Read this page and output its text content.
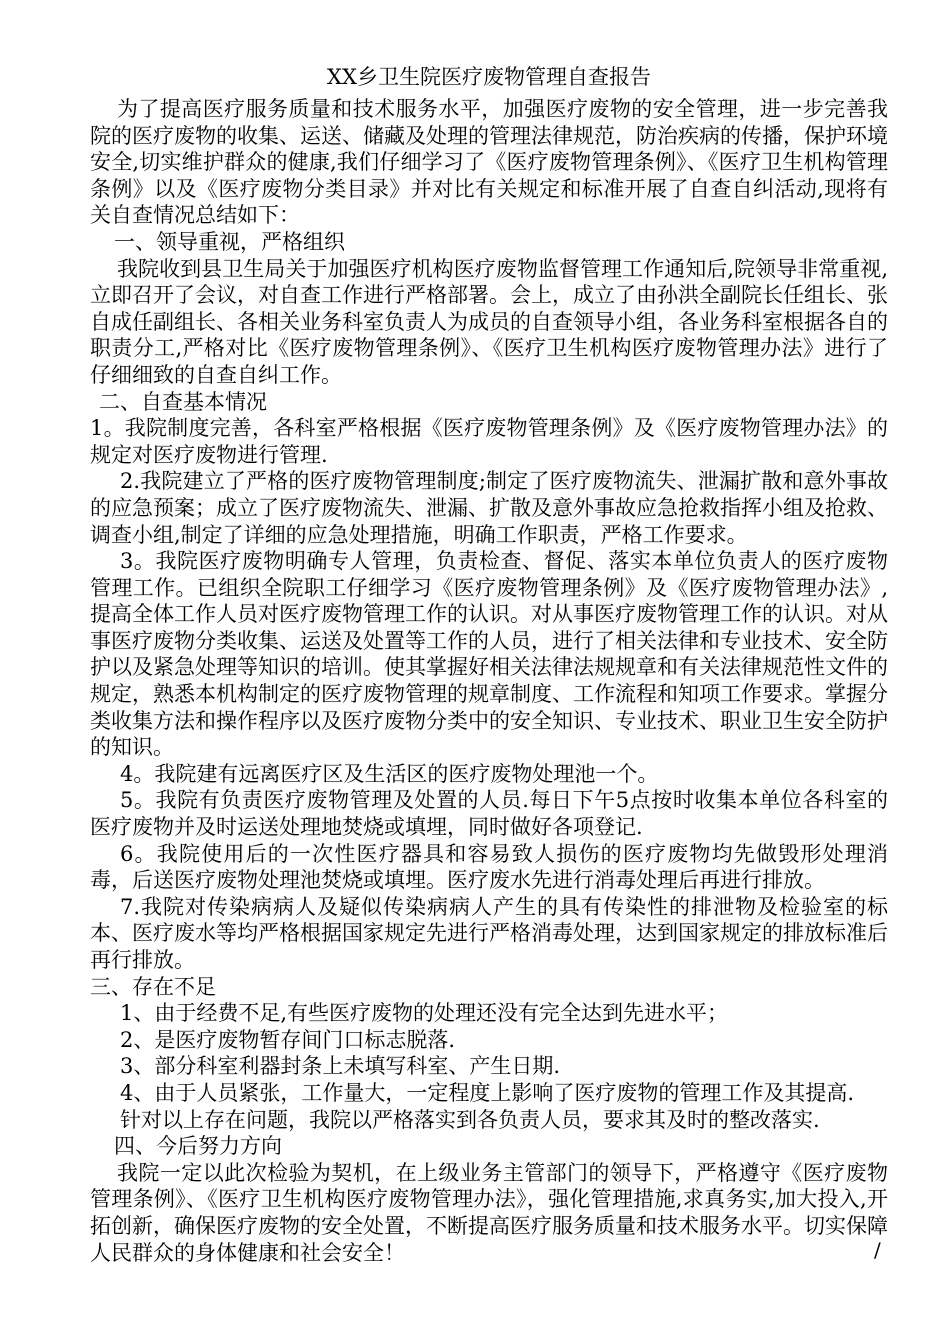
XX乡卫生院医疗废物管理自查报告

为了提高医疗服务质量和技术服务水平，加强医疗废物的安全管理，进一步完善我院的医疗废物的收集、运送、储藏及处理的管理法律规范，防治疾病的传播，保护环境安全,切实维护群众的健康,我们仔细学习了《医疗废物管理条例》、《医疗卫生机构管理条例》以及《医疗废物分类目录》并对比有关规定和标准开展了自查自纠活动,现将有关自查情况总结如下：

一、领导重视，严格组织

我院收到县卫生局关于加强医疗机构医疗废物监督管理工作通知后,院领导非常重视,立即召开了会议，对自查工作进行严格部署。会上，成立了由孙洪全副院长任组长、张自成任副组长、各相关业务科室负责人为成员的自查领导小组，各业务科室根据各自的职责分工,严格对比《医疗废物管理条例》、《医疗卫生机构医疗废物管理办法》进行了仔细细致的自查自纠工作。

二、自查基本情况

1。我院制度完善，各科室严格根据《医疗废物管理条例》及《医疗废物管理办法》的规定对医疗废物进行管理.

2.我院建立了严格的医疗废物管理制度;制定了医疗废物流失、泄漏扩散和意外事故的应急预案；成立了医疗废物流失、泄漏、扩散及意外事故应急抢救指挥小组及抢救、调查小组,制定了详细的应急处理措施，明确工作职责，严格工作要求。

3。我院医疗废物明确专人管理，负责检查、督促、落实本单位负责人的医疗废物管理工作。已组织全院职工仔细学习《医疗废物管理条例》及《医疗废物管理办法》,提高全体工作人员对医疗废物管理工作的认识。对从事医疗废物管理工作的认识。对从事医疗废物分类收集、运送及处置等工作的人员，进行了相关法律和专业技术、安全防护以及紧急处理等知识的培训。使其掌握好相关法律法规规章和有关法律规范性文件的规定，熟悉本机构制定的医疗废物管理的规章制度、工作流程和知项工作要求。掌握分类收集方法和操作程序以及医疗废物分类中的安全知识、专业技术、职业卫生安全防护的知识。

4。我院建有远离医疗区及生活区的医疗废物处理池一个。

5。我院有负责医疗废物管理及处置的人员.每日下午5点按时收集本单位各科室的医疗废物并及时运送处理地焚烧或填埋，同时做好各项登记.

6。我院使用后的一次性医疗器具和容易致人损伤的医疗废物均先做毁形处理消毒，后送医疗废物处理池焚烧或填埋。医疗废水先进行消毒处理后再进行排放。

7.我院对传染病病人及疑似传染病病人产生的具有传染性的排泄物及检验室的标本、医疗废水等均严格根据国家规定先进行严格消毒处理，达到国家规定的排放标准后再行排放。

三、存在不足

1、由于经费不足,有些医疗废物的处理还没有完全达到先进水平；

2、是医疗废物暂存间门口标志脱落.

3、部分科室利器封条上未填写科室、产生日期.

4、由于人员紧张，工作量大，一定程度上影响了医疗废物的管理工作及其提高.

针对以上存在问题，我院以严格落实到各负责人员，要求其及时的整改落实.

四、今后努力方向

我院一定以此次检验为契机，在上级业务主管部门的领导下，严格遵守《医疗废物管理条例》、《医疗卫生机构医疗废物管理办法》，强化管理措施,求真务实,加大投入,开拓创新，确保医疗废物的安全处置，不断提高医疗服务质量和技术服务水平。切实保障人民群众的身体健康和社会安全！	/
